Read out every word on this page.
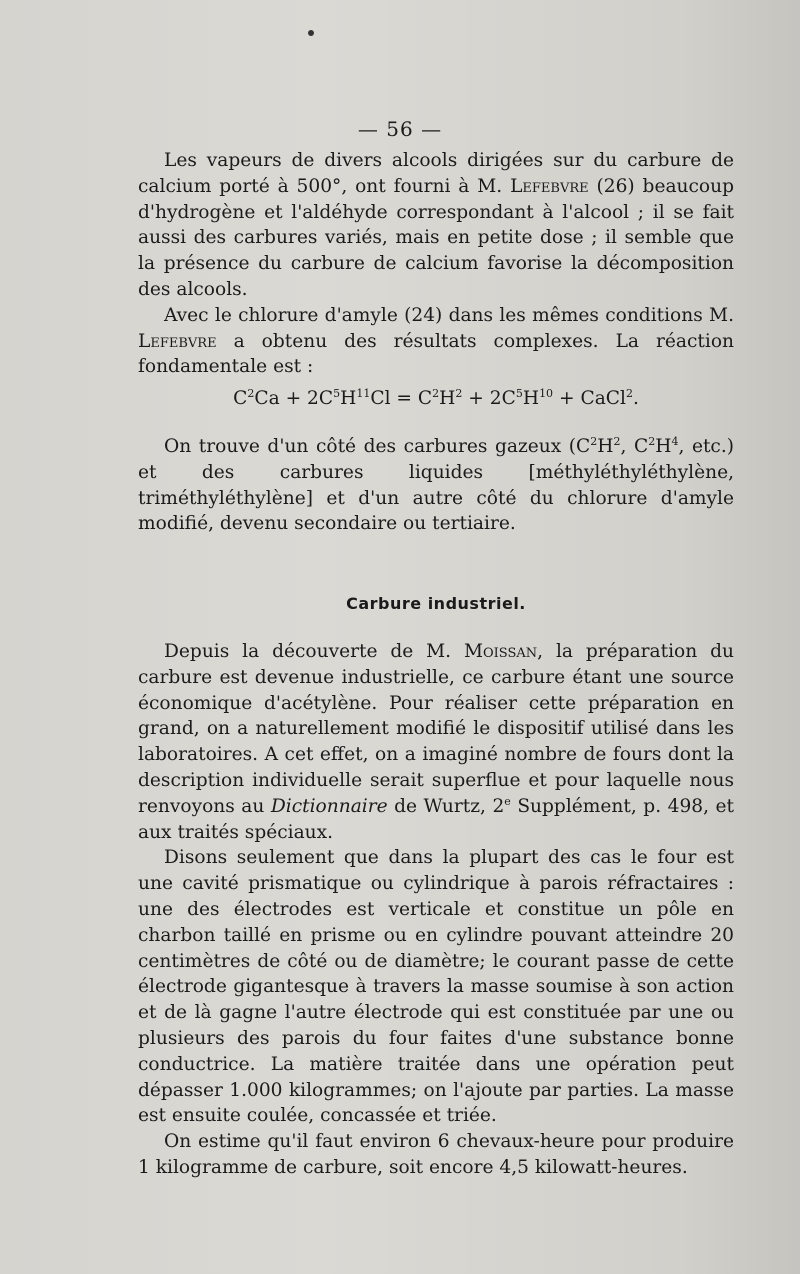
— 56 —

Les vapeurs de divers alcools dirigées sur du carbure de calcium porté à 500°, ont fourni à M. Lefebvre (26) beaucoup d'hydrogène et l'aldéhyde correspondant à l'alcool ; il se fait aussi des carbures variés, mais en petite dose ; il semble que la présence du carbure de calcium favorise la décomposition des alcools.

Avec le chlorure d'amyle (24) dans les mêmes conditions M. Lefebvre a obtenu des résultats complexes. La réaction fondamentale est :

$C^2Ca + 2C^5H^{11}Cl = C^2H^2 + 2C^5H^{10}$ + CaCl$^2$.

On trouve d'un côté des carbures gazeux ($C^2H^2$, $C^2H^4$, etc.) et des carbures liquides [méthyléthyléthylène, triméthyléthylène] et d'un autre côté du chlorure d'amyle modifié, devenu secondaire ou tertiaire.

Carbure industriel.

Depuis la découverte de M. Moissan, la préparation du carbure est devenue industrielle, ce carbure étant une source économique d'acétylène. Pour réaliser cette préparation en grand, on a naturellement modifié le dispositif utilisé dans les laboratoires. A cet effet, on a imaginé nombre de fours dont la description individuelle serait superflue et pour laquelle nous renvoyons au Dictionnaire de Wurtz, 2e Supplément, p. 498, et aux traités spéciaux.

Disons seulement que dans la plupart des cas le four est une cavité prismatique ou cylindrique à parois réfractaires : une des électrodes est verticale et constitue un pôle en charbon taillé en prisme ou en cylindre pouvant atteindre 20 centimètres de côté ou de diamètre; le courant passe de cette électrode gigantesque à travers la masse soumise à son action et de là gagne l'autre électrode qui est constituée par une ou plusieurs des parois du four faites d'une substance bonne conductrice. La matière traitée dans une opération peut dépasser 1.000 kilogrammes; on l'ajoute par parties. La masse est ensuite coulée, concassée et triée.

On estime qu'il faut environ 6 chevaux-heure pour produire 1 kilogramme de carbure, soit encore 4,5 kilowatt-heures.
